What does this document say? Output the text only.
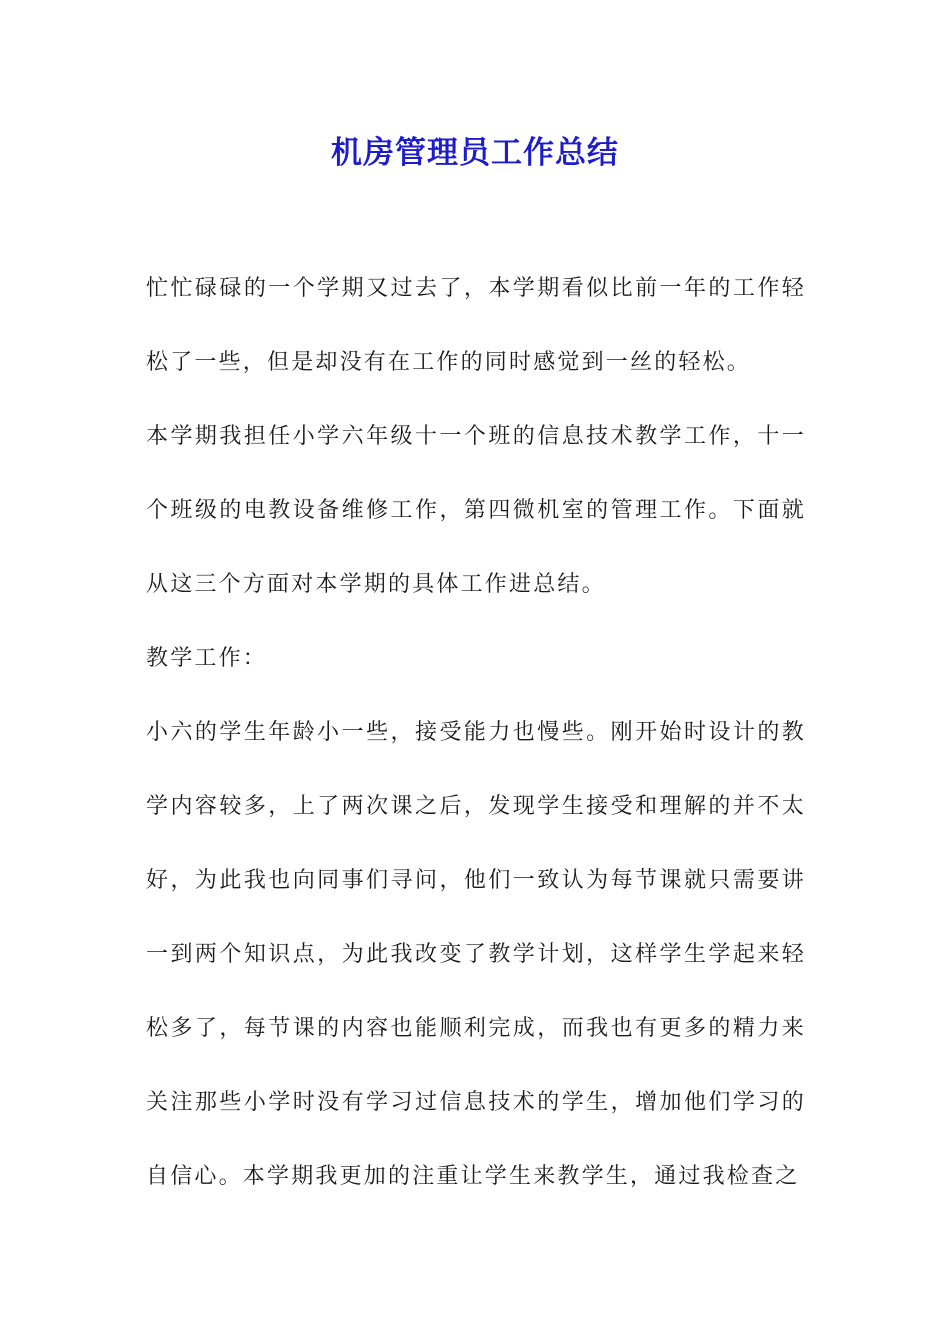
机房管理员工作总结

忙忙碌碌的一个学期又过去了，本学期看似比前一年的工作轻松了一些，但是却没有在工作的同时感觉到一丝的轻松。

本学期我担任小学六年级十一个班的信息技术教学工作，十一个班级的电教设备维修工作，第四微机室的管理工作。下面就从这三个方面对本学期的具体工作进总结。

教学工作：

小六的学生年龄小一些，接受能力也慢些。刚开始时设计的教学内容较多，上了两次课之后，发现学生接受和理解的并不太好，为此我也向同事们寻问，他们一致认为每节课就只需要讲一到两个知识点，为此我改变了教学计划，这样学生学起来轻松多了，每节课的内容也能顺利完成，而我也有更多的精力来关注那些小学时没有学习过信息技术的学生，增加他们学习的自信心。本学期我更加的注重让学生来教学生，通过我检查之
